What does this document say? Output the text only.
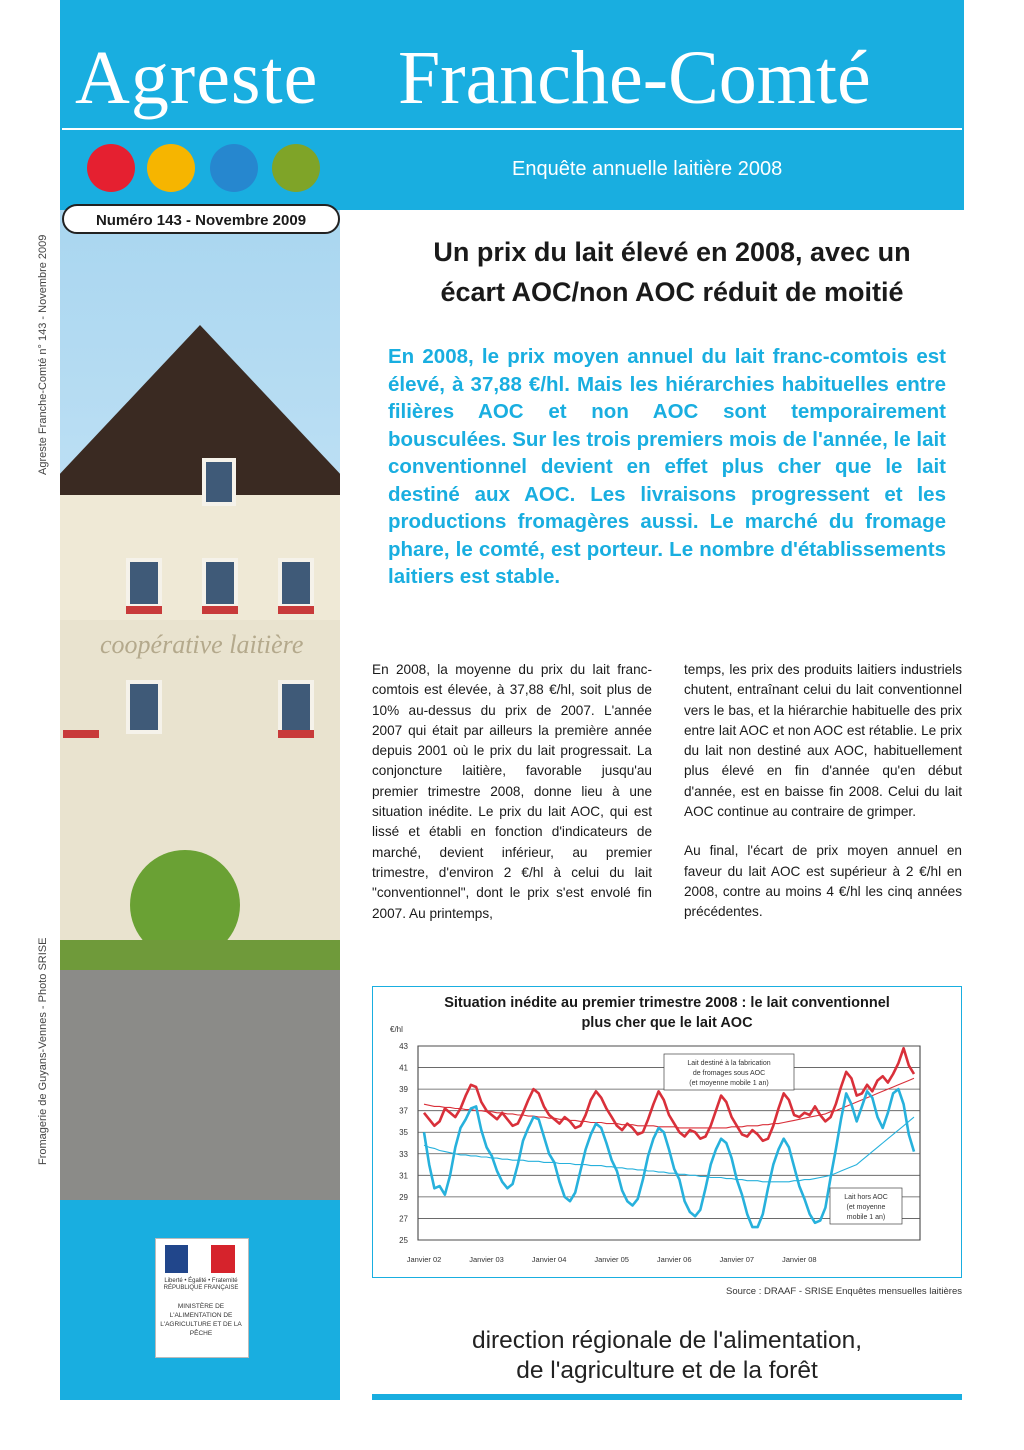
Agreste Franche-Comté
Enquête annuelle laitière 2008
coopérative laitière
Numéro 143 - Novembre 2009
Agreste Franche-Comté n° 143 - Novembre 2009
Fromagerie de Guyans-Vennes - Photo SRISE
Liberté • Égalité • Fraternité RÉPUBLIQUE FRANÇAISE
MINISTÈRE DE L'ALIMENTATION DE L'AGRICULTURE ET DE LA PÊCHE
Un prix du lait élevé en 2008, avec un
écart AOC/non AOC réduit de moitié
En 2008, le prix moyen annuel du lait franc-comtois est élevé, à 37,88 €/hl. Mais les hiérarchies habituelles entre filières AOC et non AOC sont temporairement bousculées. Sur les trois premiers mois de l'année, le lait conventionnel devient en effet plus cher que le lait destiné aux AOC. Les livraisons progressent et les productions fromagères aussi. Le marché du fromage phare, le comté, est porteur. Le nombre d'établissements laitiers est stable.

En 2008, la moyenne du prix du lait franc-comtois est élevée, à 37,88 €/hl, soit plus de 10% au-dessus du prix de 2007. L'année 2007 qui était par ailleurs la première année depuis 2001 où le prix du lait progressait. La conjoncture laitière, favorable jusqu'au premier trimestre 2008, donne lieu à une situation inédite. Le prix du lait AOC, qui est lissé et établi en fonction d'indicateurs de marché, devient inférieur, au premier trimestre, d'environ 2 €/hl à celui du lait "conventionnel", dont le prix s'est envolé fin 2007. Au printemps,

temps, les prix des produits laitiers industriels chutent, entraînant celui du lait conventionnel vers le bas, et la hiérarchie habituelle des prix entre lait AOC et non AOC est rétablie. Le prix du lait non destiné aux AOC, habituellement plus élevé en fin d'année qu'en début d'année, est en baisse fin 2008. Celui du lait AOC continue au contraire de grimper.

Au final, l'écart de prix moyen annuel en faveur du lait AOC est supérieur à 2 €/hl en 2008, contre au moins 4 €/hl les cinq années précédentes.

Situation inédite au premier trimestre 2008 : le lait conventionnel
plus cher que le lait AOC
43
41
39
37
35
33
31
29
27
25
€/hl
Janvier 02	Janvier 03	Janvier 04	Janvier 05	Janvier 06	Janvier 07	Janvier 08
Lait destiné à la fabrication
de fromages sous AOC
(et moyenne mobile 1 an)
Lait hors AOC
(et moyenne
mobile 1 an)
Source : DRAAF - SRISE Enquêtes mensuelles laitières
direction régionale de l'alimentation,
de l'agriculture et de la forêt
